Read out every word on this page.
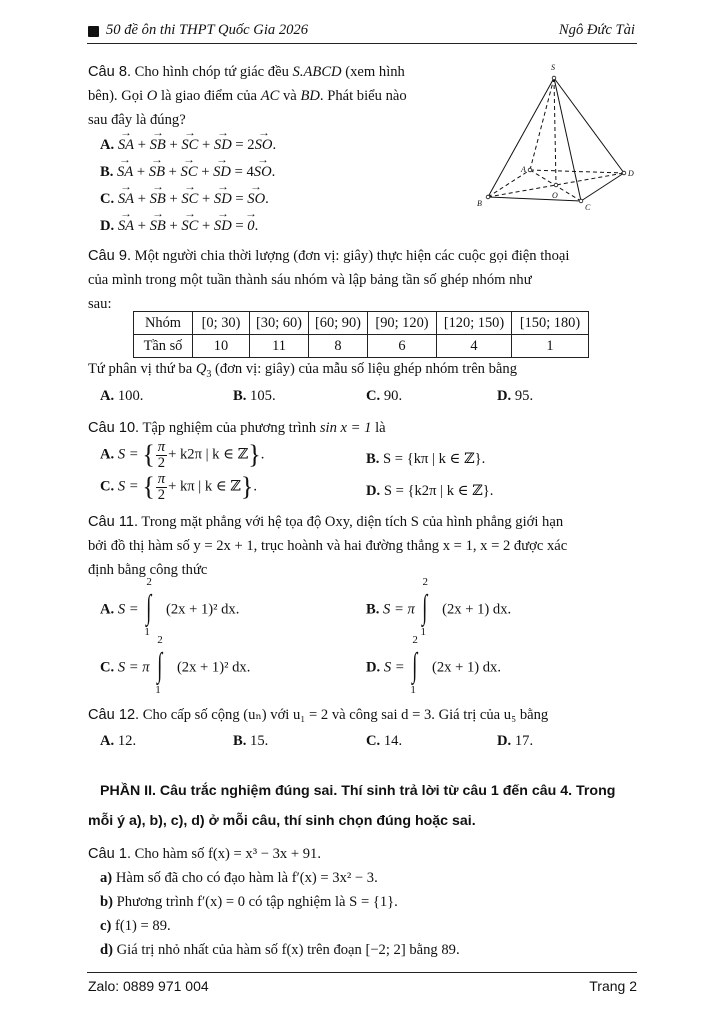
50 đề ôn thi THPT Quốc Gia 2026	Ngô Đức Tài
Câu 8. Cho hình chóp tứ giác đều S.ABCD (xem hình
bên). Gọi O là giao điểm của AC và BD. Phát biểu nào
sau đây là đúng?
A. → SA + → SB + → SC + → SD = 2→ SO.
B. → SA + → SB + → SC + → SD = 4→ SO.
C. → SA + → SB + → SC + → SD = → SO.
D. → SA + → SB + → SC + → SD = → 0.
S
A
B	C
D
O
Câu 9. Một người chia thời lượng (đơn vị: giây) thực hiện các cuộc gọi điện thoại
của mình trong một tuần thành sáu nhóm và lập bảng tần số ghép nhóm như
sau:
Nhóm	[0; 30)	[30; 60)	[60; 90)	[90; 120)	[120; 150)	[150; 180)
Tần số	10	11	8	6	4	1
Tứ phân vị thứ ba $Q_3$ (đơn vị: giây) của mẫu số liệu ghép nhóm trên bằng
A. 100.	B. 105.	C. 90.	D. 95.
Câu 10. Tập nghiệm của phương trình sin x = 1 là
A. S = { $\frac{\pi}{2} + k2\pi$ | k ∈ ℤ}.	B. S = {kπ | k ∈ ℤ}.
C. S = { $\frac{\pi}{2} + k\pi$ | k ∈ ℤ}.	D. S = {k2π | k ∈ ℤ}.
Câu 11. Trong mặt phẳng với hệ tọa độ Oxy, diện tích S của hình phẳng giới hạn
bởi đồ thị hàm số y = 2x + 1, trục hoành và hai đường thẳng x = 1, x = 2 được xác
định bằng công thức
A. S =
2
∫
1
(2x + 1)² dx.	B. S = π
2
∫
1
(2x + 1) dx.
C. S = π
2
∫
1
(2x + 1)² dx.	D. S =
2
∫
1
(2x + 1) dx.
Câu 12. Cho cấp số cộng (uₙ) với u₁ = 2 và công sai d = 3. Giá trị của u₅ bằng
A. 12.	B. 15.	C. 14.	D. 17.
PHẦN II. Câu trắc nghiệm đúng sai. Thí sinh trả lời từ câu 1 đến câu 4. Trong
mỗi ý a), b), c), d) ở mỗi câu, thí sinh chọn đúng hoặc sai.
Câu 1. Cho hàm số f(x) = x³ − 3x + 91.
a) Hàm số đã cho có đạo hàm là f′(x) = 3x² − 3.
b) Phương trình f′(x) = 0 có tập nghiệm là S = {1}.
c) f(1) = 89.
d) Giá trị nhỏ nhất của hàm số f(x) trên đoạn [−2; 2] bằng 89.
Zalo: 0889 971 004	Trang 2
